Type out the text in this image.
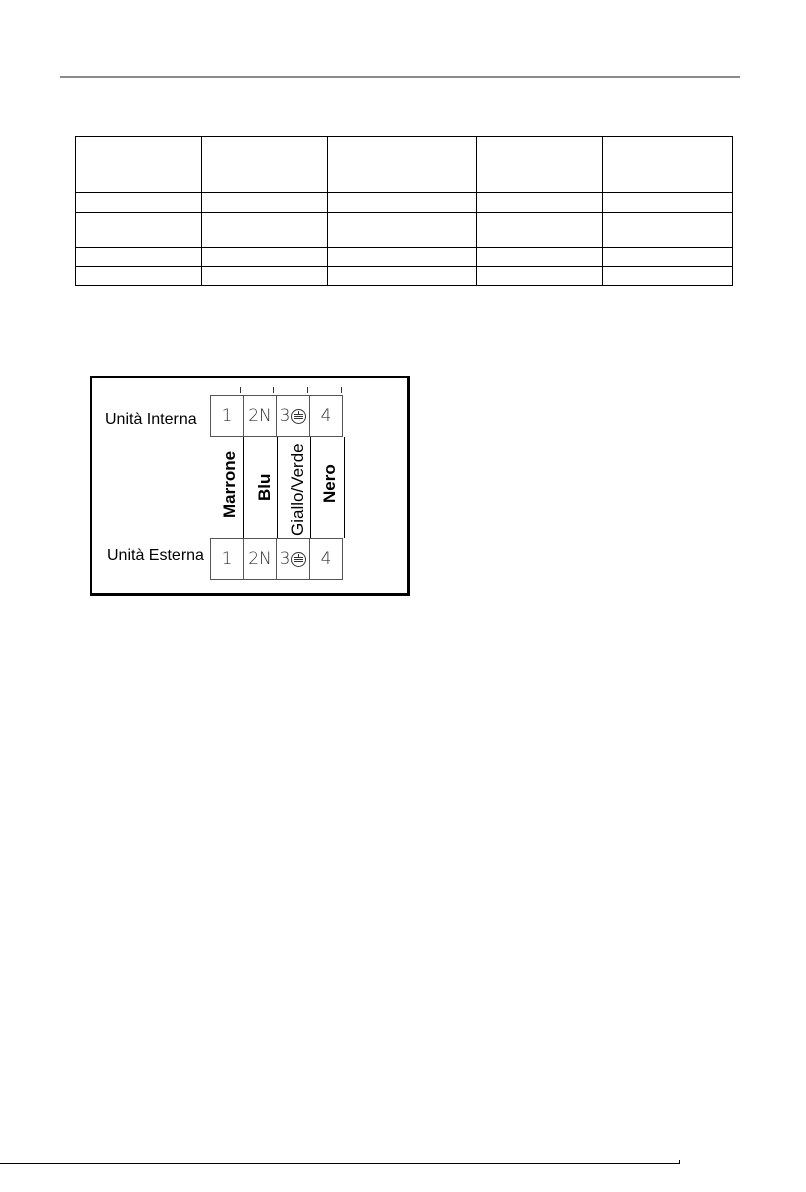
Unità Interna	1 2N 3	4
Marrone Blu Giallo/Verde Nero
Unità Esterna	1 2N 3	4
